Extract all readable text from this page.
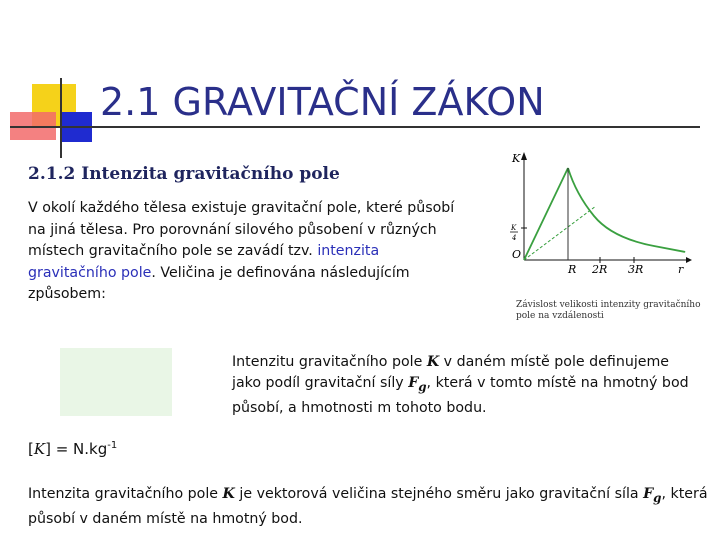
2.1 GRAVITAČNÍ ZÁKON
2.1.2 Intenzita gravitačního pole
V okolí každého tělesa existuje gravitační pole, které působí na jiná tělesa. Pro porovnání silového působení v různých místech gravitačního pole se zavádí tzv. intenzita gravitačního pole. Veličina je definována následujícím způsobem:
K
O
K
4
R 2R 3R	r
Závislost velikosti intenzity gravitačního pole na vzdálenosti
Intenzitu gravitačního pole K v daném místě pole definujeme jako podíl gravitační síly $F_g$, která v tomto místě na hmotný bod působí, a hmotnosti m tohoto bodu.
$[K] = N.kg^{-1}$
Intenzita gravitačního pole K je vektorová veličina stejného směru jako gravitační síla $F_g$, která působí v daném místě na hmotný bod.
